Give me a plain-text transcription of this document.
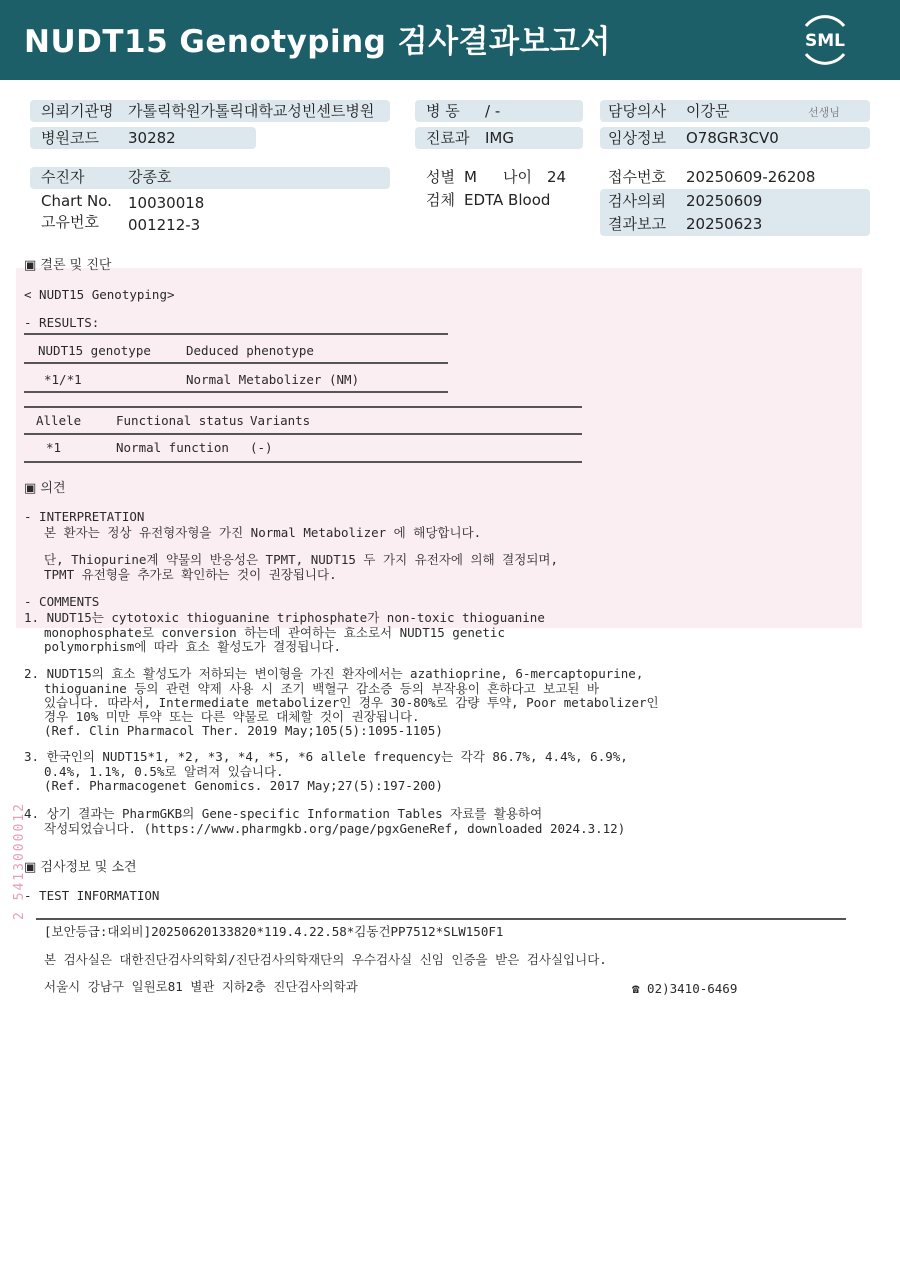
NUDT15 Genotyping 검사결과보고서	SML
의뢰기관명 가톨릭학원가톨릭대학교성빈센트병원
병원코드 30282
수진자	강종호
Chart No. 10030018
고유번호 001212-3
병 동 / -
진료과 IMG
성별 M 나이 24
검체 EDTA Blood
담당의사 이강문	선생님
임상정보 O78GR3CV0
접수번호 20250609-26208
검사의뢰 20250609
결과보고 20250623
▣ 결론 및 진단
< NUDT15 Genotyping>
- RESULTS:
NUDT15 genotype	Deduced phenotype
*1/*1	Normal Metabolizer (NM)
Allele	Functional status Variants
*1	Normal function (-)
▣ 의견
- INTERPRETATION
본 환자는 정상 유전형자형을 가진 Normal Metabolizer 에 해당합니다.
단, Thiopurine계 약물의 반응성은 TPMT, NUDT15 두 가지 유전자에 의해 결정되며,
TPMT 유전형을 추가로 확인하는 것이 권장됩니다.
- COMMENTS
1. NUDT15는 cytotoxic thioguanine triphosphate가 non-toxic thioguanine
monophosphate로 conversion 하는데 관여하는 효소로서 NUDT15 genetic
polymorphism에 따라 효소 활성도가 결정됩니다.
2. NUDT15의 효소 활성도가 저하되는 변이형을 가진 환자에서는 azathioprine, 6-mercaptopurine,
thioguanine 등의 관련 약제 사용 시 조기 백혈구 감소증 등의 부작용이 흔하다고 보고된 바
있습니다. 따라서, Intermediate metabolizer인 경우 30-80%로 감량 투약, Poor metabolizer인
경우 10% 미만 투약 또는 다른 약물로 대체할 것이 권장됩니다.
(Ref. Clin Pharmacol Ther. 2019 May;105(5):1095-1105)
3. 한국인의 NUDT15*1, *2, *3, *4, *5, *6 allele frequency는 각각 86.7%, 4.4%, 6.9%,
0.4%, 1.1%, 0.5%로 알려져 있습니다.
(Ref. Pharmacogenet Genomics. 2017 May;27(5):197-200)
4. 상기 결과는 PharmGKB의 Gene-specific Information Tables 자료를 활용하여
작성되었습니다. (https://www.pharmgkb.org/page/pgxGeneRef, downloaded 2024.3.12)
▣ 검사정보 및 소견
- TEST INFORMATION
[보안등급:대외비]20250620133820*119.4.22.58*김동건PP7512*SLW150F1
본 검사실은 대한진단검사의학회/진단검사의학재단의 우수검사실 신임 인증을 받은 검사실입니다.
서울시 강남구 일원로81 별관 지하2층 진단검사의학과	☎ 02)3410-6469
2 5413000012
